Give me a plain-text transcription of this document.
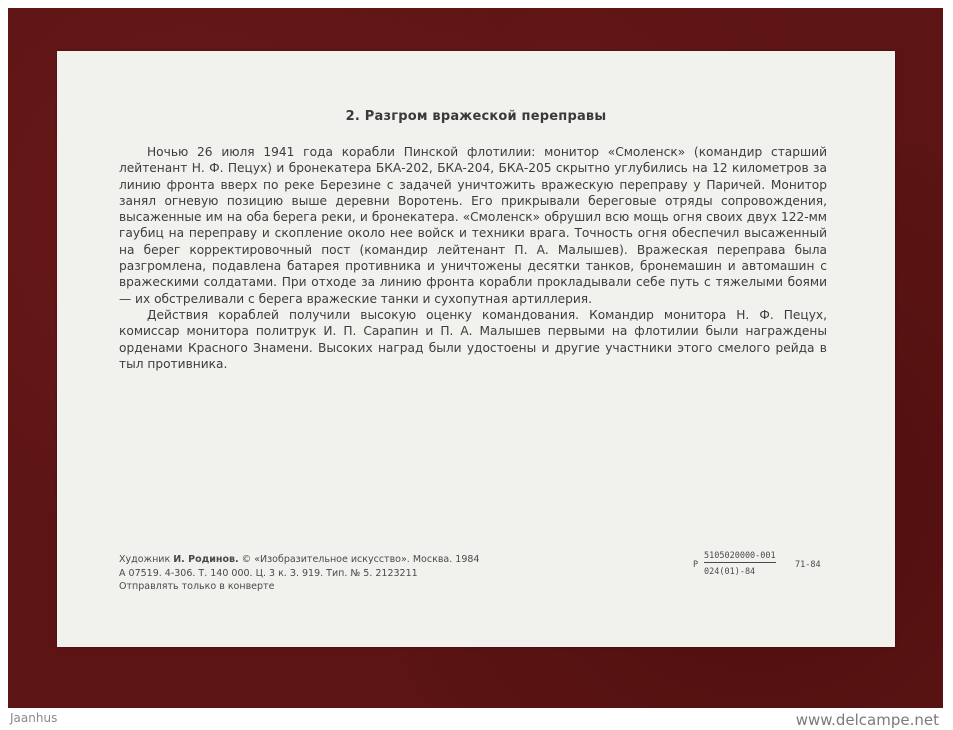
2. Разгром вражеской переправы

Ночью 26 июля 1941 года корабли Пинской флотилии: монитор «Смоленск» (командир старший лейтенант Н. Ф. Пецух) и бронекатера БКА-202, БКА-204, БКА-205 скрытно углубились на 12 километров за линию фронта вверх по реке Березине с задачей уничтожить вражескую переправу у Паричей. Монитор занял огневую позицию выше деревни Воротень. Его прикрывали береговые отряды сопровождения, высаженные им на оба берега реки, и бронекатера. «Смоленск» обрушил всю мощь огня своих двух 122-мм гаубиц на переправу и скопление около нее войск и техники врага. Точность огня обеспечил высаженный на берег корректировочный пост (командир лейтенант П. А. Малышев). Вражеская переправа была разгромлена, подавлена батарея противника и уничтожены десятки танков, бронемашин и автомашин с вражескими солдатами. При отходе за линию фронта корабли прокладывали себе путь с тяжелыми боями — их обстреливали с берега вражеские танки и сухопутная артиллерия.

Действия кораблей получили высокую оценку командования. Командир монитора Н. Ф. Пецух, комиссар монитора политрук И. П. Сарапин и П. А. Малышев первыми на флотилии были награждены орденами Красного Знамени. Высоких наград были удостоены и другие участники этого смелого рейда в тыл противника.

Художник И. Родинов. © «Изобразительное искусство». Москва. 1984
А 07519. 4-306. Т. 140 000. Ц. 3 к. З. 919. Тип. № 5. 2123211
Отправлять только в конверте
Р
5105020000-001
024(01)-84
71-84
Jaanhus	www.delcampe.net
